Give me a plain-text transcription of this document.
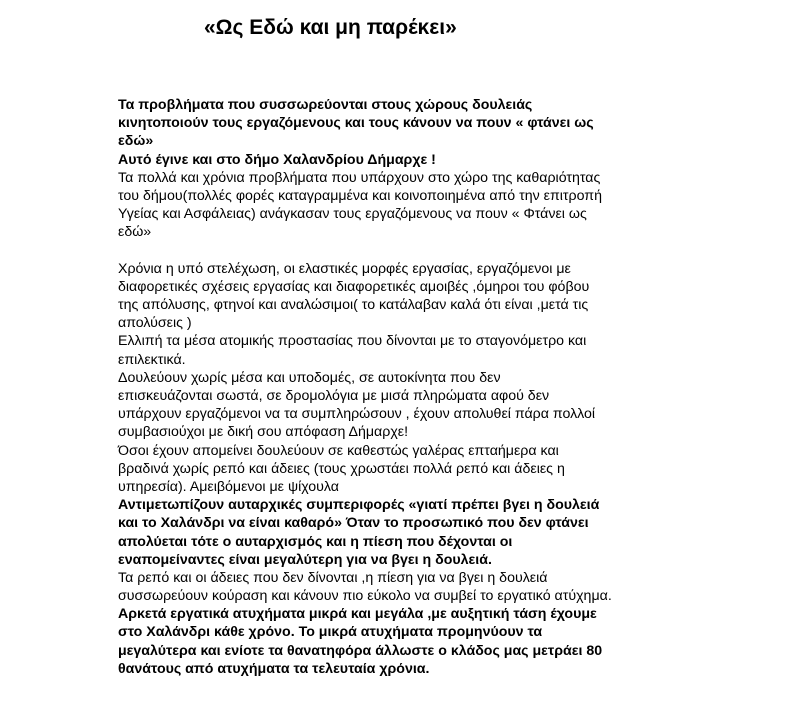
«Ως Εδώ και μη παρέκει»
Τα προβλήματα που συσσωρεύονται στους χώρους δουλειάς
κινητοποιούν τους εργαζόμενους και τους κάνουν να πουν « φτάνει ως
εδώ»
Αυτό έγινε και στο δήμο Χαλανδρίου Δήμαρχε !
Τα πολλά και χρόνια προβλήματα που υπάρχουν στο χώρο της καθαριότητας
του δήμου(πολλές φορές καταγραμμένα και κοινοποιημένα από την επιτροπή
Υγείας και Ασφάλειας) ανάγκασαν τους εργαζόμενους να πουν « Φτάνει ως
εδώ»
Χρόνια η υπό στελέχωση, οι ελαστικές μορφές εργασίας, εργαζόμενοι με
διαφορετικές σχέσεις εργασίας και διαφορετικές αμοιβές ,όμηροι του φόβου
της απόλυσης, φτηνοί και αναλώσιμοι( το κατάλαβαν καλά ότι είναι ,μετά τις
απολύσεις )
Ελλιπή τα μέσα ατομικής προστασίας που δίνονται με το σταγονόμετρο και
επιλεκτικά.
Δουλεύουν χωρίς μέσα και υποδομές, σε αυτοκίνητα που δεν
επισκευάζονται σωστά, σε δρομολόγια με μισά πληρώματα αφού δεν
υπάρχουν εργαζόμενοι να τα συμπληρώσουν , έχουν απολυθεί πάρα πολλοί
συμβασιούχοι με δική σου απόφαση Δήμαρχε!
Όσοι έχουν απομείνει δουλεύουν σε καθεστώς γαλέρας επταήμερα και
βραδινά χωρίς ρεπό και άδειες (τους χρωστάει πολλά ρεπό και άδειες η
υπηρεσία). Αμειβόμενοι με ψίχουλα
Αντιμετωπίζουν αυταρχικές συμπεριφορές «γιατί πρέπει βγει η δουλειά
και το Χαλάνδρι να είναι καθαρό» Όταν το προσωπικό που δεν φτάνει
απολύεται τότε ο αυταρχισμός και η πίεση που δέχονται οι
εναπομείναντες είναι μεγαλύτερη για να βγει η δουλειά.
Τα ρεπό και οι άδειες που δεν δίνονται ,η πίεση για να βγει η δουλειά
συσσωρεύουν κούραση και κάνουν πιο εύκολο να συμβεί το εργατικό ατύχημα.
Αρκετά εργατικά ατυχήματα μικρά και μεγάλα ,με αυξητική τάση έχουμε
στο Χαλάνδρι κάθε χρόνο. Το μικρά ατυχήματα προμηνύουν τα
μεγαλύτερα και ενίοτε τα θανατηφόρα άλλωστε ο κλάδος μας μετράει 80
θανάτους από ατυχήματα τα τελευταία χρόνια.
